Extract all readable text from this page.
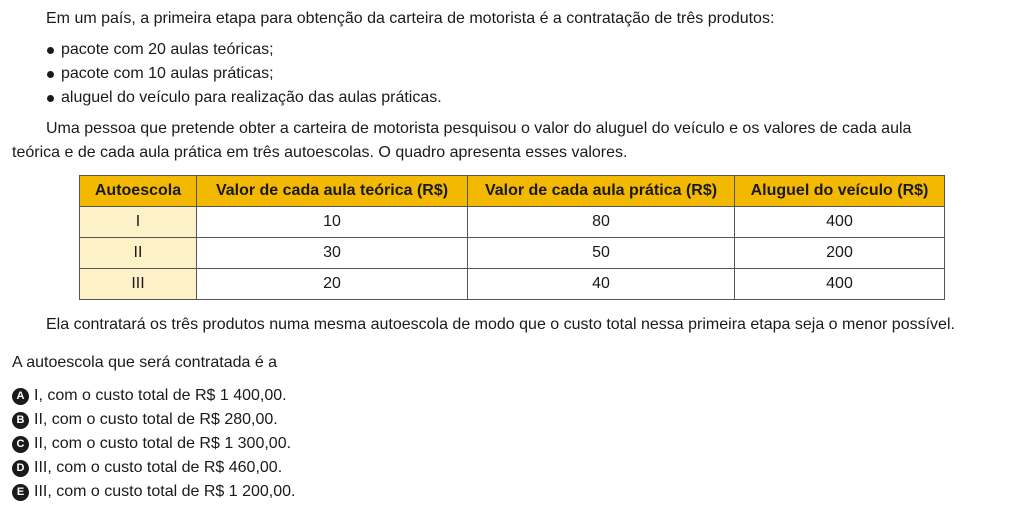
Em um país, a primeira etapa para obtenção da carteira de motorista é a contratação de três produtos:

pacote com 20 aulas teóricas;
pacote com 10 aulas práticas;
aluguel do veículo para realização das aulas práticas.

Uma pessoa que pretende obter a carteira de motorista pesquisou o valor do aluguel do veículo e os valores de cada aula

teórica e de cada aula prática em três autoescolas. O quadro apresenta esses valores.

Autoescola	Valor de cada aula teórica (R$)	Valor de cada aula prática (R$)	Aluguel do veículo (R$)
I	10	80	400
II	30	50	200
III	20	40	400

Ela contratará os três produtos numa mesma autoescola de modo que o custo total nessa primeira etapa seja o menor possível.

A autoescola que será contratada é a

A I, com o custo total de R$ 1 400,00.
B II, com o custo total de R$ 280,00.
C II, com o custo total de R$ 1 300,00.
D III, com o custo total de R$ 460,00.
E III, com o custo total de R$ 1 200,00.
